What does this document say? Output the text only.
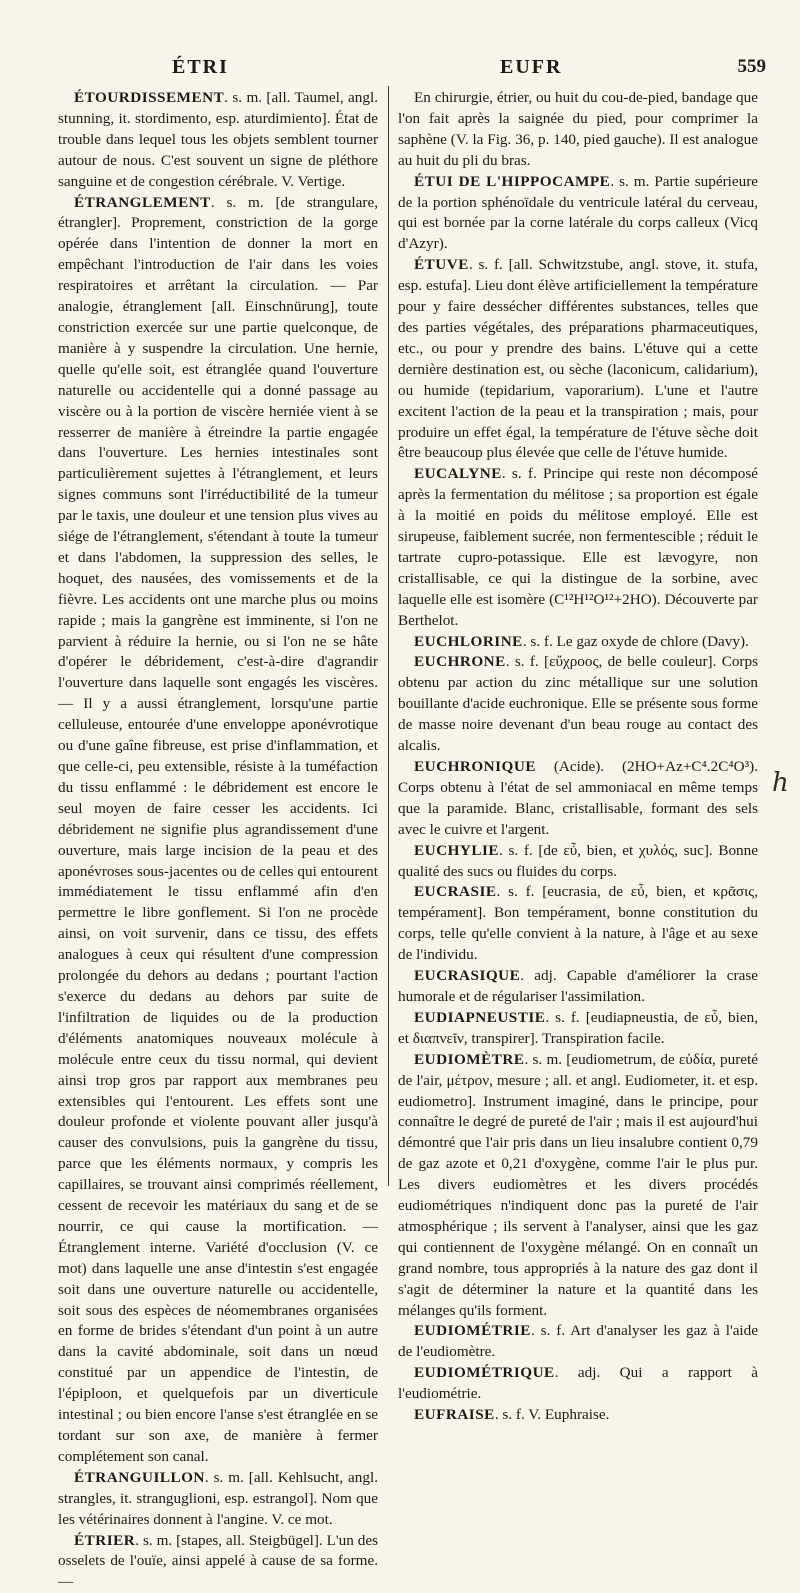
ÉTRI	EUFR	559

ÉTOURDISSEMENT. s. m. [all. Taumel, angl. stunning, it. stordimento, esp. aturdimiento]. État de trouble dans lequel tous les objets semblent tourner autour de nous. C'est souvent un signe de pléthore sanguine et de congestion cérébrale. V. Vertige.

ÉTRANGLEMENT. s. m. [de strangulare, étrangler]. Proprement, constriction de la gorge opérée dans l'intention de donner la mort en empêchant l'introduction de l'air dans les voies respiratoires et arrêtant la circulation. — Par analogie, étranglement [all. Einschnürung], toute constriction exercée sur une partie quelconque, de manière à y suspendre la circulation. Une hernie, quelle qu'elle soit, est étranglée quand l'ouverture naturelle ou accidentelle qui a donné passage au viscère ou à la portion de viscère herniée vient à se resserrer de manière à étreindre la partie engagée dans l'ouverture. Les hernies intestinales sont particulièrement sujettes à l'étranglement, et leurs signes communs sont l'irréductibilité de la tumeur par le taxis, une douleur et une tension plus vives au siége de l'étranglement, s'étendant à toute la tumeur et dans l'abdomen, la suppression des selles, le hoquet, des nausées, des vomissements et de la fièvre. Les accidents ont une marche plus ou moins rapide ; mais la gangrène est imminente, si l'on ne parvient à réduire la hernie, ou si l'on ne se hâte d'opérer le débridement, c'est-à-dire d'agrandir l'ouverture dans laquelle sont engagés les viscères. — Il y a aussi étranglement, lorsqu'une partie celluleuse, entourée d'une enveloppe aponévrotique ou d'une gaîne fibreuse, est prise d'inflammation, et que celle-ci, peu extensible, résiste à la tuméfaction du tissu enflammé : le débridement est encore le seul moyen de faire cesser les accidents. Ici débridement ne signifie plus agrandissement d'une ouverture, mais large incision de la peau et des aponévroses sous-jacentes ou de celles qui entourent immédiatement le tissu enflammé afin d'en permettre le libre gonflement. Si l'on ne procède ainsi, on voit survenir, dans ce tissu, des effets analogues à ceux qui résultent d'une compression prolongée du dehors au dedans ; pourtant l'action s'exerce du dedans au dehors par suite de l'infiltration de liquides ou de la production d'éléments anatomiques nouveaux molécule à molécule entre ceux du tissu normal, qui devient ainsi trop gros par rapport aux membranes peu extensibles qui l'entourent. Les effets sont une douleur profonde et violente pouvant aller jusqu'à causer des convulsions, puis la gangrène du tissu, parce que les éléments normaux, y compris les capillaires, se trouvant ainsi comprimés réellement, cessent de recevoir les matériaux du sang et de se nourrir, ce qui cause la mortification. — Étranglement interne. Variété d'occlusion (V. ce mot) dans laquelle une anse d'intestin s'est engagée soit dans une ouverture naturelle ou accidentelle, soit sous des espèces de néomembranes organisées en forme de brides s'étendant d'un point à un autre dans la cavité abdominale, soit dans un nœud constitué par un appendice de l'intestin, de l'épiploon, et quelquefois par un diverticule intestinal ; ou bien encore l'anse s'est étranglée en se tordant sur son axe, de manière à fermer complétement son canal.

ÉTRANGUILLON. s. m. [all. Kehlsucht, angl. strangles, it. stranguglioni, esp. estrangol]. Nom que les vétérinaires donnent à l'angine. V. ce mot.

ÉTRIER. s. m. [stapes, all. Steigbügel]. L'un des osselets de l'ouïe, ainsi appelé à cause de sa forme. —

En chirurgie, étrier, ou huit du cou-de-pied, bandage que l'on fait après la saignée du pied, pour comprimer la saphène (V. la Fig. 36, p. 140, pied gauche). Il est analogue au huit du pli du bras.

ÉTUI DE L'HIPPOCAMPE. s. m. Partie supérieure de la portion sphénoïdale du ventricule latéral du cerveau, qui est bornée par la corne latérale du corps calleux (Vicq d'Azyr).

ÉTUVE. s. f. [all. Schwitzstube, angl. stove, it. stufa, esp. estufa]. Lieu dont élève artificiellement la température pour y faire dessécher différentes substances, telles que des parties végétales, des préparations pharmaceutiques, etc., ou pour y prendre des bains. L'étuve qui a cette dernière destination est, ou sèche (laconicum, calidarium), ou humide (tepidarium, vaporarium). L'une et l'autre excitent l'action de la peau et la transpiration ; mais, pour produire un effet égal, la température de l'étuve sèche doit être beaucoup plus élevée que celle de l'étuve humide.

EUCALYNE. s. f. Principe qui reste non décomposé après la fermentation du mélitose ; sa proportion est égale à la moitié en poids du mélitose employé. Elle est sirupeuse, faiblement sucrée, non fermentescible ; réduit le tartrate cupro-potassique. Elle est lævogyre, non cristallisable, ce qui la distingue de la sorbine, avec laquelle elle est isomère (C¹²H¹²O¹²+2HO). Découverte par Berthelot.

EUCHLORINE. s. f. Le gaz oxyde de chlore (Davy).

EUCHRONE. s. f. [εὔχροος, de belle couleur]. Corps obtenu par action du zinc métallique sur une solution bouillante d'acide euchronique. Elle se présente sous forme de masse noire devenant d'un beau rouge au contact des alcalis.

EUCHRONIQUE (Acide). (2HO+Az+C⁴.2C⁴O³). Corps obtenu à l'état de sel ammoniacal en même temps que la paramide. Blanc, cristallisable, formant des sels avec le cuivre et l'argent.

EUCHYLIE. s. f. [de εὖ, bien, et χυλός, suc]. Bonne qualité des sucs ou fluides du corps.

EUCRASIE. s. f. [eucrasia, de εὖ, bien, et κρᾶσις, tempérament]. Bon tempérament, bonne constitution du corps, telle qu'elle convient à la nature, à l'âge et au sexe de l'individu.

EUCRASIQUE. adj. Capable d'améliorer la crase humorale et de régulariser l'assimilation.

EUDIAPNEUSTIE. s. f. [eudiapneustia, de εὖ, bien, et διαπνεῖν, transpirer]. Transpiration facile.

EUDIOMÈTRE. s. m. [eudiometrum, de εὐδία, pureté de l'air, μέτρον, mesure ; all. et angl. Eudiometer, it. et esp. eudiometro]. Instrument imaginé, dans le principe, pour connaître le degré de pureté de l'air ; mais il est aujourd'hui démontré que l'air pris dans un lieu insalubre contient 0,79 de gaz azote et 0,21 d'oxygène, comme l'air le plus pur. Les divers eudiomètres et les divers procédés eudiométriques n'indiquent donc pas la pureté de l'air atmosphérique ; ils servent à l'analyser, ainsi que les gaz qui contiennent de l'oxygène mélangé. On en connaît un grand nombre, tous appropriés à la nature des gaz dont il s'agit de déterminer la nature et la quantité dans les mélanges qu'ils forment.

EUDIOMÉTRIE. s. f. Art d'analyser les gaz à l'aide de l'eudiomètre.

EUDIOMÉTRIQUE. adj. Qui a rapport à l'eudiométrie.

EUFRAISE. s. f. V. Euphraise.

h
